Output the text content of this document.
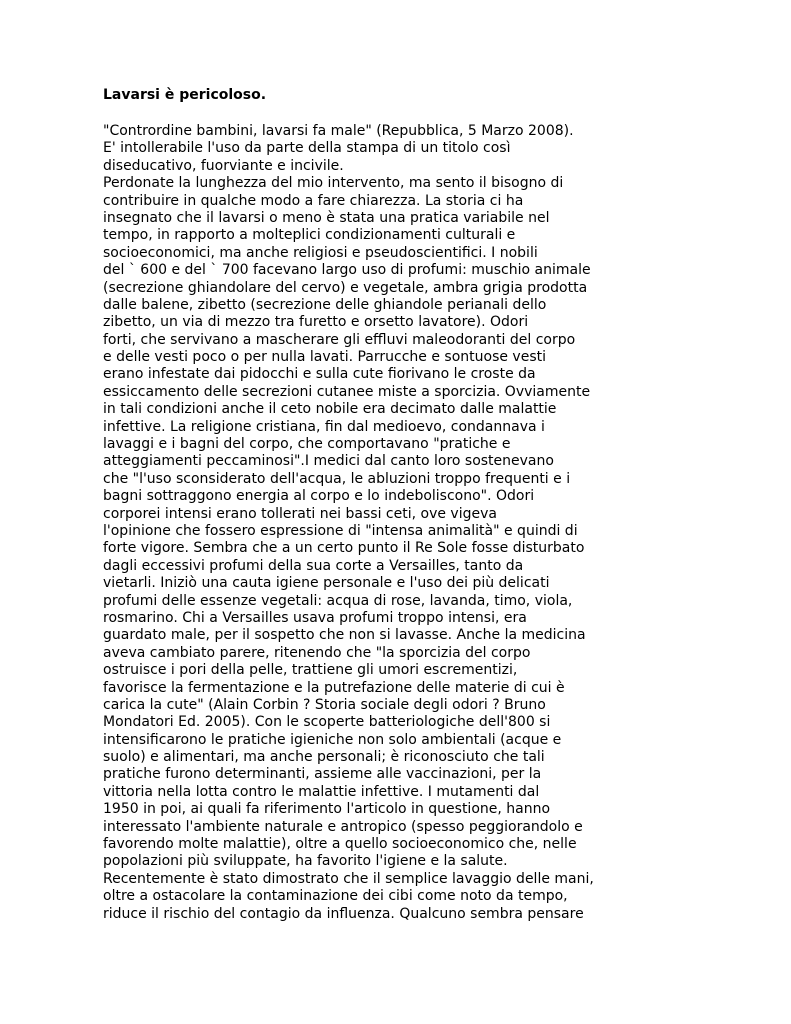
Lavarsi è pericoloso.
"Contrordine bambini, lavarsi fa male" (Repubblica, 5 Marzo 2008).
E' intollerabile l'uso da parte della stampa di un titolo così
diseducativo, fuorviante e incivile.
Perdonate la lunghezza del mio intervento, ma sento il bisogno di
contribuire in qualche modo a fare chiarezza. La storia ci ha
insegnato che il lavarsi o meno è stata una pratica variabile nel
tempo, in rapporto a molteplici condizionamenti culturali e
socioeconomici, ma anche religiosi e pseudoscientifici. I nobili
del ` 600 e del ` 700 facevano largo uso di profumi: muschio animale
(secrezione ghiandolare del cervo) e vegetale, ambra grigia prodotta
dalle balene, zibetto (secrezione delle ghiandole perianali dello
zibetto, un via di mezzo tra furetto e orsetto lavatore). Odori
forti, che servivano a mascherare gli effluvi maleodoranti del corpo
e delle vesti poco o per nulla lavati. Parrucche e sontuose vesti
erano infestate dai pidocchi e sulla cute fiorivano le croste da
essiccamento delle secrezioni cutanee miste a sporcizia. Ovviamente
in tali condizioni anche il ceto nobile era decimato dalle malattie
infettive. La religione cristiana, fin dal medioevo, condannava i
lavaggi e i bagni del corpo, che comportavano "pratiche e
atteggiamenti peccaminosi".I medici dal canto loro sostenevano
che "l'uso sconsiderato dell'acqua, le abluzioni troppo frequenti e i
bagni sottraggono energia al corpo e lo indeboliscono". Odori
corporei intensi erano tollerati nei bassi ceti, ove vigeva
l'opinione che fossero espressione di "intensa animalità" e quindi di
forte vigore. Sembra che a un certo punto il Re Sole fosse disturbato
dagli eccessivi profumi della sua corte a Versailles, tanto da
vietarli. Iniziò una cauta igiene personale e l'uso dei più delicati
profumi delle essenze vegetali: acqua di rose, lavanda, timo, viola,
rosmarino. Chi a Versailles usava profumi troppo intensi, era
guardato male, per il sospetto che non si lavasse. Anche la medicina
aveva cambiato parere, ritenendo che "la sporcizia del corpo
ostruisce i pori della pelle, trattiene gli umori escrementizi,
favorisce la fermentazione e la putrefazione delle materie di cui è
carica la cute" (Alain Corbin ? Storia sociale degli odori ? Bruno
Mondatori Ed. 2005). Con le scoperte batteriologiche dell'800 si
intensificarono le pratiche igieniche non solo ambientali (acque e
suolo) e alimentari, ma anche personali; è riconosciuto che tali
pratiche furono determinanti, assieme alle vaccinazioni, per la
vittoria nella lotta contro le malattie infettive. I mutamenti dal
1950 in poi, ai quali fa riferimento l'articolo in questione, hanno
interessato l'ambiente naturale e antropico (spesso peggiorandolo e
favorendo molte malattie), oltre a quello socioeconomico che, nelle
popolazioni più sviluppate, ha favorito l'igiene e la salute.
Recentemente è stato dimostrato che il semplice lavaggio delle mani,
oltre a ostacolare la contaminazione dei cibi come noto da tempo,
riduce il rischio del contagio da influenza. Qualcuno sembra pensare
